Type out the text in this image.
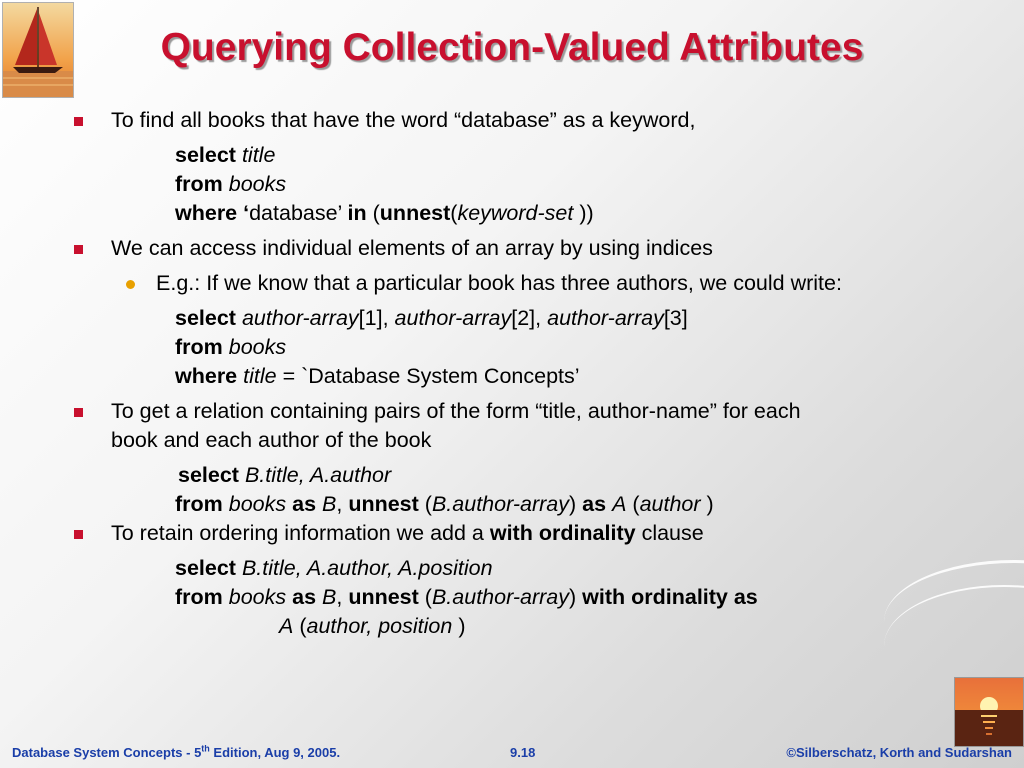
Querying Collection-Valued Attributes
To find all books that have the word “database” as a keyword,
select title
from books
where ‘database’ in (unnest(keyword-set ))
We can access individual elements of an array by using indices
E.g.: If we know that a particular book has three authors, we could write:
select author-array[1], author-array[2], author-array[3]
from books
where title = `Database System Concepts’
To get a relation containing pairs of the form “title, author-name” for each
book and each author of the book
select B.title, A.author
from books as B, unnest (B.author-array) as A (author )
To retain ordering information we add a with ordinality clause
select B.title, A.author, A.position
from books as B, unnest (B.author-array) with ordinality as
A (author, position )
Database System Concepts - 5th Edition, Aug 9, 2005.	9.18	©Silberschatz, Korth and Sudarshan
